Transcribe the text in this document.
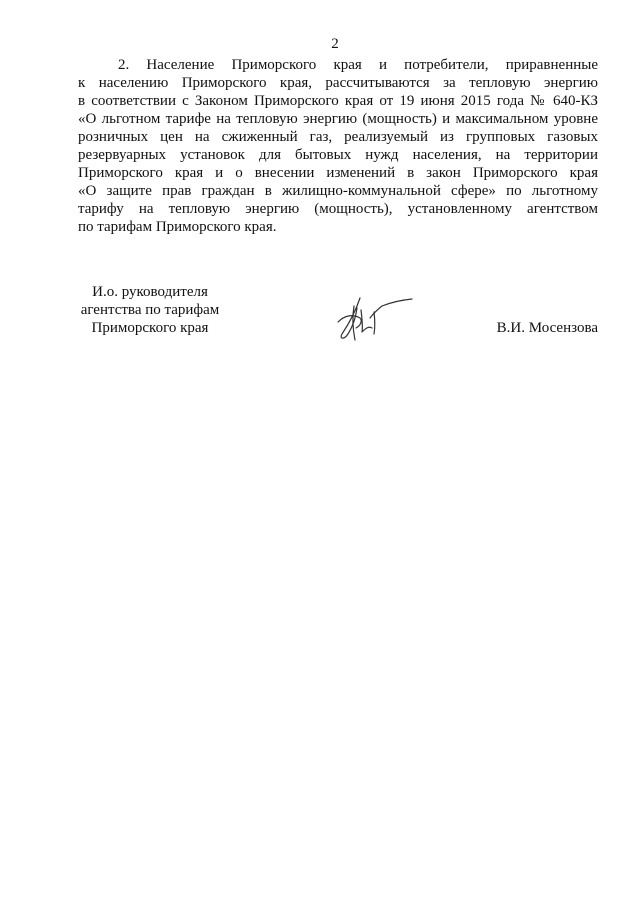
2
2. Население Приморского края и потребители, приравненные
к населению Приморского края, рассчитываются за тепловую энергию
в соответствии с Законом Приморского края от 19 июня 2015 года № 640-КЗ
«О льготном тарифе на тепловую энергию (мощность) и максимальном уровне
розничных цен на сжиженный газ, реализуемый из групповых газовых
резервуарных установок для бытовых нужд населения, на территории
Приморского края и о внесении изменений в закон Приморского края
«О защите прав граждан в жилищно-коммунальной сфере» по льготному
тарифу на тепловую энергию (мощность), установленному агентством
по тарифам Приморского края.
И.о. руководителя
агентства по тарифам
Приморского края	В.И. Мосензова
